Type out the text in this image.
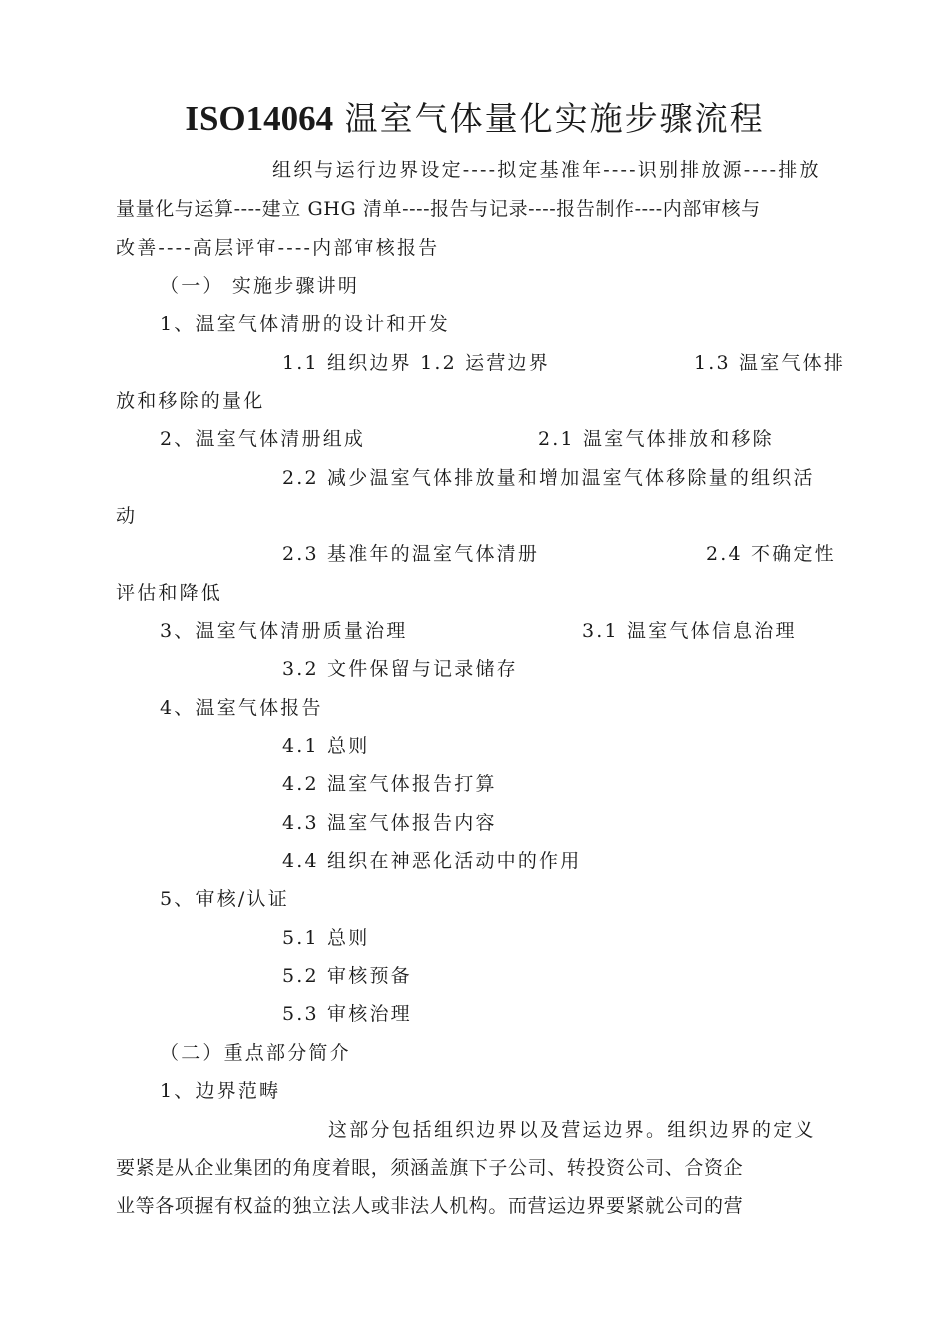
ISO14064 温室气体量化实施步骤流程
组织与运行边界设定----拟定基准年----识别排放源----排放
量量化与运算----建立 GHG 清单----报告与记录----报告制作----内部审核与
改善----高层评审----内部审核报告
（一） 实施步骤讲明
1、温室气体清册的设计和开发
1.1 组织边界 1.2 运营边界	1.3 温室气体排
放和移除的量化
2、温室气体清册组成	2.1 温室气体排放和移除
2.2 减少温室气体排放量和增加温室气体移除量的组织活
动
2.3 基准年的温室气体清册	2.4 不确定性
评估和降低
3、温室气体清册质量治理	3.1 温室气体信息治理
3.2 文件保留与记录储存
4、温室气体报告
4.1 总则
4.2 温室气体报告打算
4.3 温室气体报告内容
4.4 组织在神恶化活动中的作用
5、审核/认证
5.1 总则
5.2 审核预备
5.3 审核治理
（二）重点部分简介
1、边界范畴
这部分包括组织边界以及营运边界。组织边界的定义
要紧是从企业集团的角度着眼，须涵盖旗下子公司、转投资公司、合资企
业等各项握有权益的独立法人或非法人机构。而营运边界要紧就公司的营
